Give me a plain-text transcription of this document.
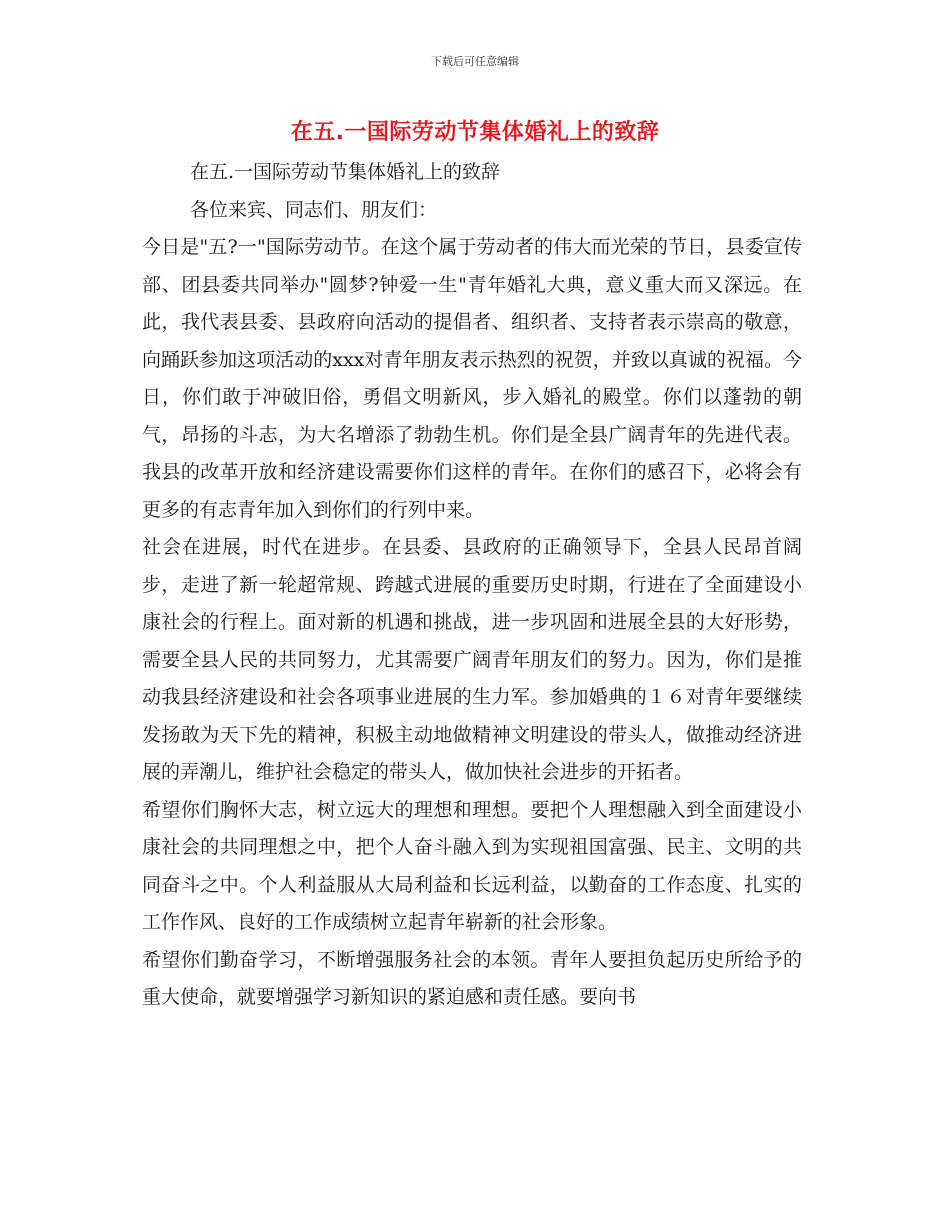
下载后可任意编辑
在五.一国际劳动节集体婚礼上的致辞

在五.一国际劳动节集体婚礼上的致辞

各位来宾、同志们、朋友们：

今日是"五?一"国际劳动节。在这个属于劳动者的伟大而光荣的节日，县委宣传部、团县委共同举办"圆梦?钟爱一生"青年婚礼大典，意义重大而又深远。在此，我代表县委、县政府向活动的提倡者、组织者、支持者表示崇高的敬意，向踊跃参加这项活动的xxx对青年朋友表示热烈的祝贺，并致以真诚的祝福。今日，你们敢于冲破旧俗，勇倡文明新风，步入婚礼的殿堂。你们以蓬勃的朝气，昂扬的斗志，为大名增添了勃勃生机。你们是全县广阔青年的先进代表。我县的改革开放和经济建设需要你们这样的青年。在你们的感召下，必将会有更多的有志青年加入到你们的行列中来。

社会在进展，时代在进步。在县委、县政府的正确领导下，全县人民昂首阔步，走进了新一轮超常规、跨越式进展的重要历史时期，行进在了全面建设小康社会的行程上。面对新的机遇和挑战，进一步巩固和进展全县的大好形势，需要全县人民的共同努力，尤其需要广阔青年朋友们的努力。因为，你们是推动我县经济建设和社会各项事业进展的生力军。参加婚典的１６对青年要继续发扬敢为天下先的精神，积极主动地做精神文明建设的带头人，做推动经济进展的弄潮儿，维护社会稳定的带头人，做加快社会进步的开拓者。

希望你们胸怀大志，树立远大的理想和理想。要把个人理想融入到全面建设小康社会的共同理想之中，把个人奋斗融入到为实现祖国富强、民主、文明的共同奋斗之中。个人利益服从大局利益和长远利益，以勤奋的工作态度、扎实的工作作风、良好的工作成绩树立起青年崭新的社会形象。

希望你们勤奋学习，不断增强服务社会的本领。青年人要担负起历史所给予的重大使命，就要增强学习新知识的紧迫感和责任感。要向书
